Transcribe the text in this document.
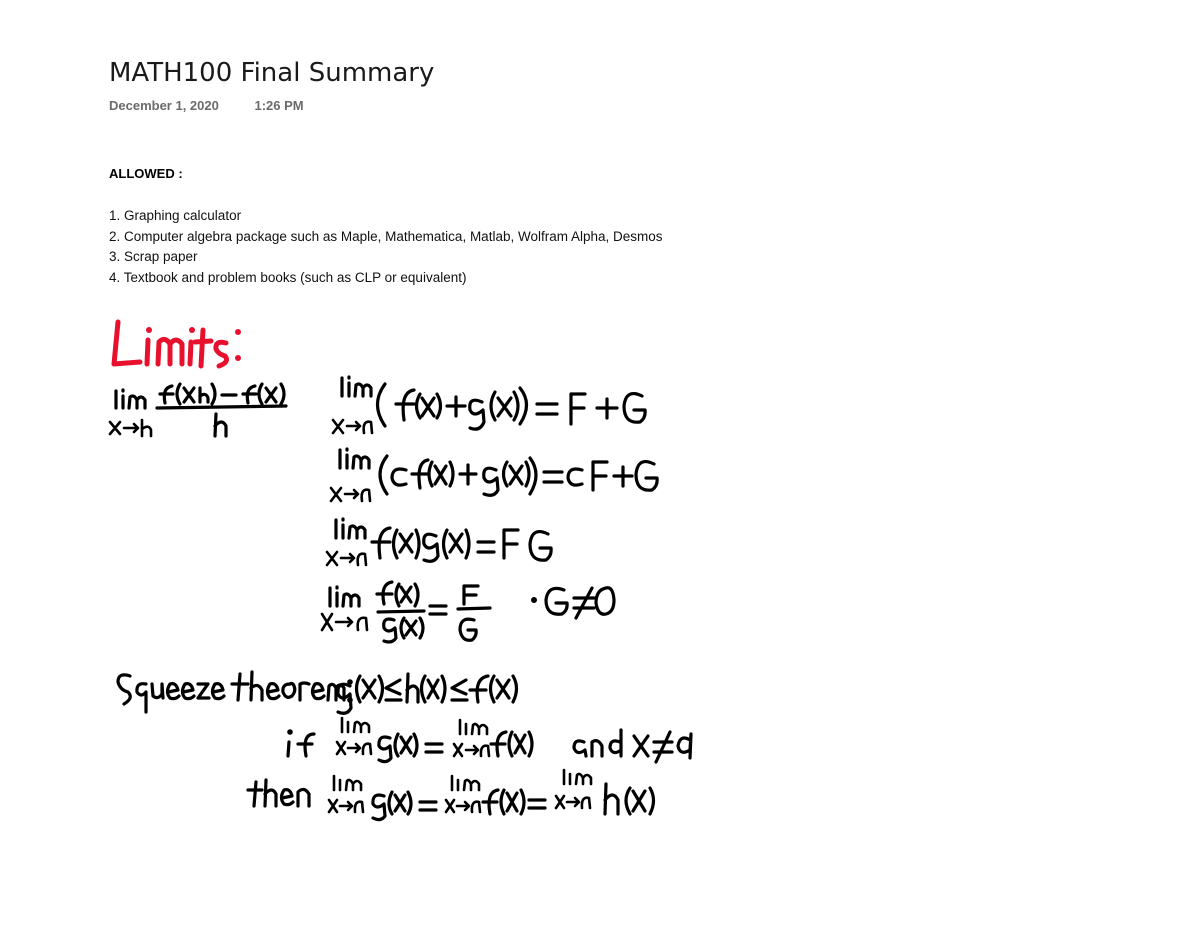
MATH100 Final Summary
December 1, 2020	1:26 PM
ALLOWED :
1. Graphing calculator
2. Computer algebra package such as Maple, Mathematica, Matlab, Wolfram Alpha, Desmos
3. Scrap paper
4. Textbook and problem books (such as CLP or equivalent)
